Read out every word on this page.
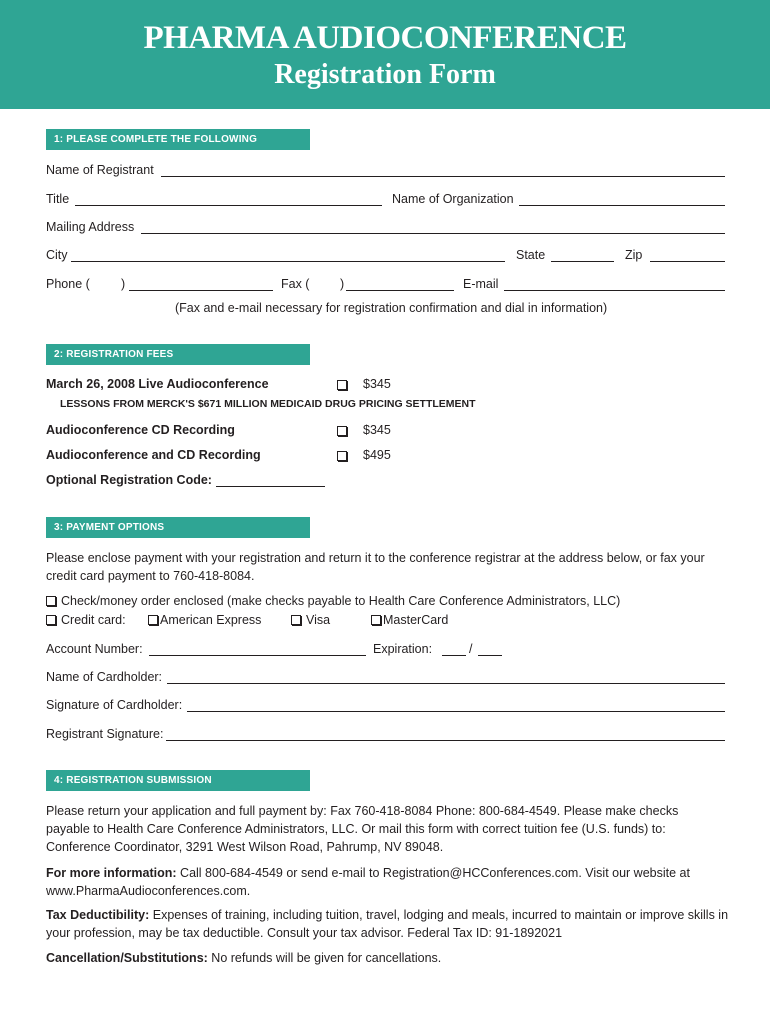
PHARMA AUDIOCONFERENCE
Registration Form
1: PLEASE COMPLETE THE FOLLOWING
Name of Registrant
Title	Name of Organization
Mailing Address
City	State	Zip
Phone ( )	Fax ( )	E-mail
(Fax and e-mail necessary for registration confirmation and dial in information)
2: REGISTRATION FEES
March 26, 2008 Live Audioconference	$345
LESSONS FROM MERCK'S $671 MILLION MEDICAID DRUG PRICING SETTLEMENT
Audioconference CD Recording	$345
Audioconference and CD Recording	$495
Optional Registration Code:
3: PAYMENT OPTIONS
Please enclose payment with your registration and return it to the conference registrar at the address below, or fax your credit card payment to 760-418-8084.
Check/money order enclosed (make checks payable to Health Care Conference Administrators, LLC)
Credit card:	American Express	Visa	MasterCard
Account Number:	Expiration:	/
Name of Cardholder:
Signature of Cardholder:
Registrant Signature:
4: REGISTRATION SUBMISSION
Please return your application and full payment by: Fax 760-418-8084 Phone: 800-684-4549. Please make checks payable to Health Care Conference Administrators, LLC. Or mail this form with correct tuition fee (U.S. funds) to: Conference Coordinator, 3291 West Wilson Road, Pahrump, NV 89048.
For more information: Call 800-684-4549 or send e-mail to Registration@HCConferences.com. Visit our website at www.PharmaAudioconferences.com.
Tax Deductibility: Expenses of training, including tuition, travel, lodging and meals, incurred to maintain or improve skills in your profession, may be tax deductible. Consult your tax advisor. Federal Tax ID: 91-1892021
Cancellation/Substitutions: No refunds will be given for cancellations.
